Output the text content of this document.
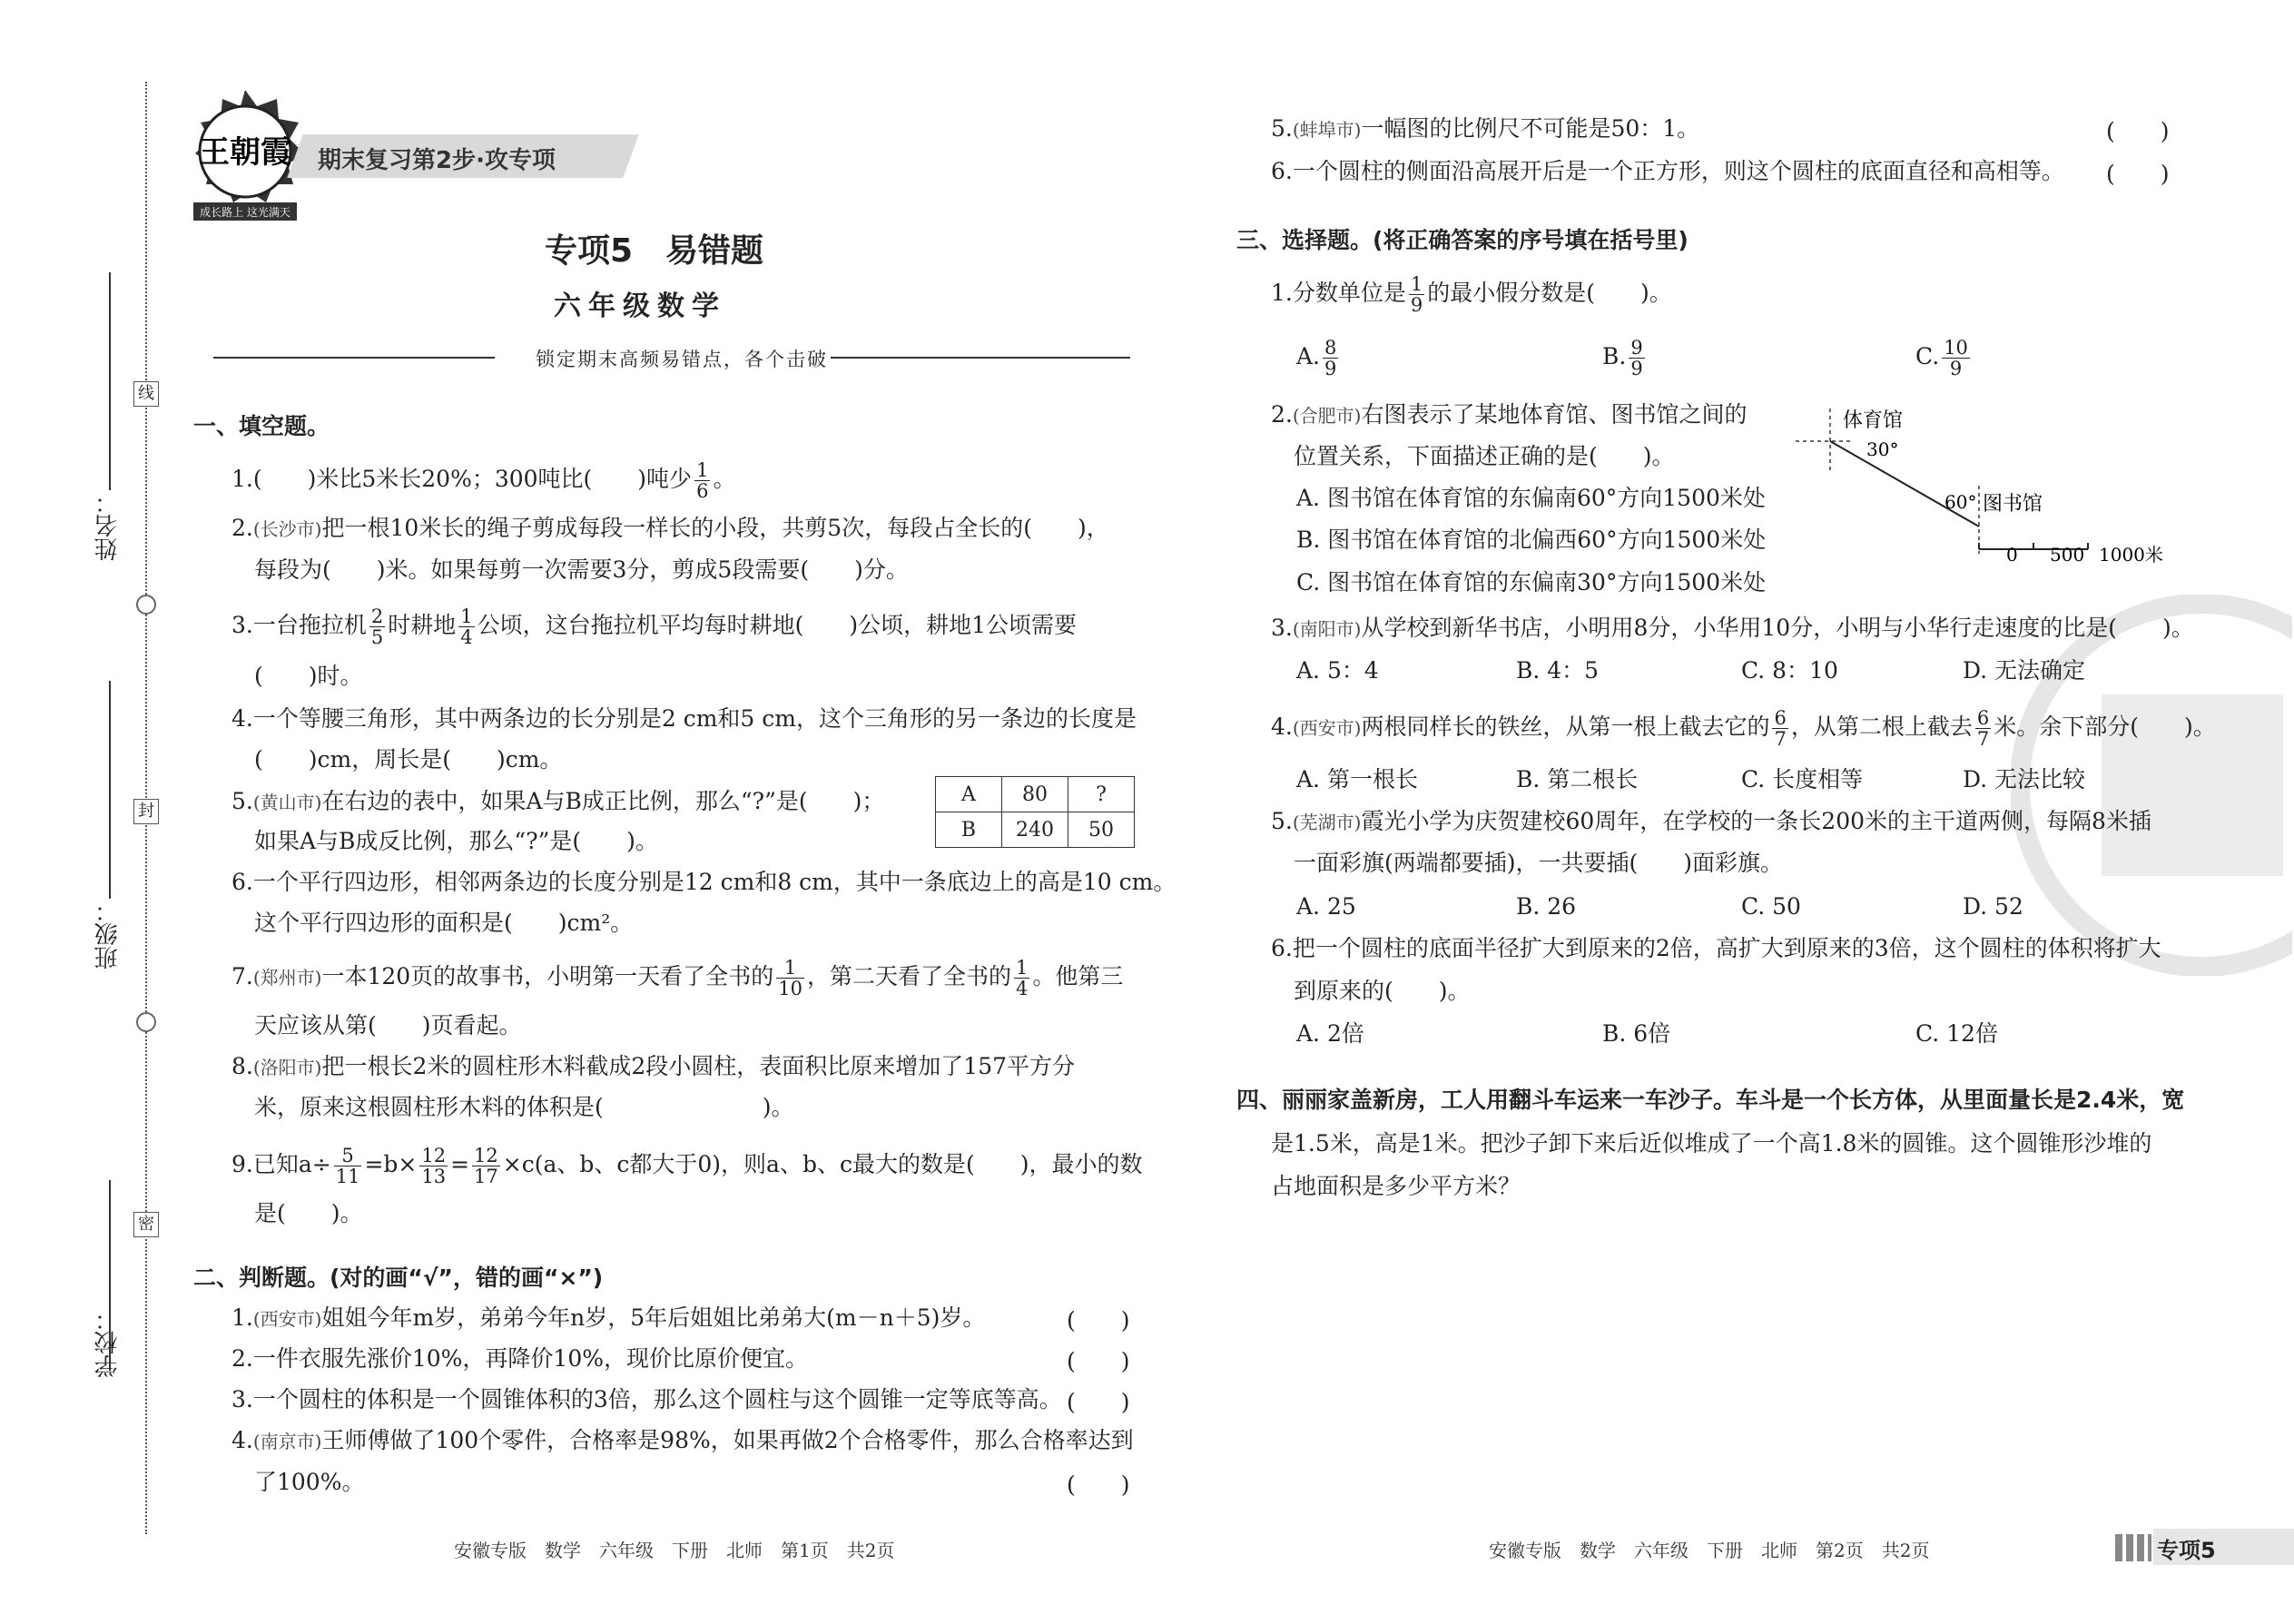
姓名：
班级：
学校：
线
封
密
王朝霞
成长路上 这光满天
期末复习第2步·攻专项
专项5　易错题
六年级数学
锁定期末高频易错点，各个击破
一、填空题。
1.(　　)米比5米长20%；300吨比(　　)吨少 $\frac{1}{6}$ 。
2.(长沙市)把一根10米长的绳子剪成每段一样长的小段，共剪5次，每段占全长的(　　)，
每段为(　　)米。如果每剪一次需要3分，剪成5段需要(　　)分。
3.一台拖拉机 $\frac{2}{5}$ 时耕地 $\frac{1}{4}$ 公顷，这台拖拉机平均每时耕地(　　)公顷，耕地1公顷需要
(　　)时。
4.一个等腰三角形，其中两条边的长分别是2 cm和5 cm，这个三角形的另一条边的长度是
(　　)cm，周长是(　　)cm。
5.(黄山市)在右边的表中，如果A与B成正比例，那么“?”是(　　)；
如果A与B成反比例，那么“?”是(　　)。
A	80	?
B	240	50
6.一个平行四边形，相邻两条边的长度分别是12 cm和8 cm，其中一条底边上的高是10 cm。
这个平行四边形的面积是(　　)cm²。
7.(郑州市)一本120页的故事书，小明第一天看了全书的 $\frac{1}{10}$ ，第二天看了全书的 $\frac{1}{4}$ 。他第三
天应该从第(　　)页看起。
8.(洛阳市)把一根长2米的圆柱形木料截成2段小圆柱，表面积比原来增加了157平方分
米，原来这根圆柱形木料的体积是(　　　　　　　)。
9.已知$a\div \frac{5}{11} =b\times \frac{12}{13} = \frac{12}{17} \times c(a$、b、c都大于0)，则a、b、c最大的数是(　　)，最小的数
是(　　)。
二、判断题。(对的画“√”，错的画“×”)
1.(西安市)姐姐今年m岁，弟弟今年n岁，5年后姐姐比弟弟大(m－n＋5)岁。	(　　)
2.一件衣服先涨价10%，再降价10%，现价比原价便宜。	(　　)
3.一个圆柱的体积是一个圆锥体积的3倍，那么这个圆柱与这个圆锥一定等底等高。 (　　)
4.(南京市)王师傅做了100个零件，合格率是98%，如果再做2个合格零件，那么合格率达到
了100%。	(　　)
5.(蚌埠市)一幅图的比例尺不可能是50：1。	(　　)
6.一个圆柱的侧面沿高展开后是一个正方形，则这个圆柱的底面直径和高相等。 (　　)
三、选择题。(将正确答案的序号填在括号里)
1.分数单位是 $\frac{1}{9}$ 的最小假分数是(　　)。
A. $\frac{8}{9}$	B. $\frac{9}{9}$	C. $\frac{10}{9}$
2.(合肥市)右图表示了某地体育馆、图书馆之间的
位置关系，下面描述正确的是(　　)。
A. 图书馆在体育馆的东偏南60°方向1500米处
B. 图书馆在体育馆的北偏西60°方向1500米处
C. 图书馆在体育馆的东偏南30°方向1500米处
体育馆
30°
60° 图书馆
0 500 1000米
3.(南阳市)从学校到新华书店，小明用8分，小华用10分，小明与小华行走速度的比是(　　)。
A. 5：4	B. 4：5	C. 8：10	D. 无法确定
4.(西安市)两根同样长的铁丝，从第一根上截去它的 $\frac{6}{7}$ ，从第二根上截去 $\frac{6}{7}$ 米。余下部分(　　)。
A. 第一根长	B. 第二根长	C. 长度相等	D. 无法比较
5.(芜湖市)霞光小学为庆贺建校60周年，在学校的一条长200米的主干道两侧，每隔8米插
一面彩旗(两端都要插)，一共要插(　　)面彩旗。
A. 25	B. 26	C. 50	D. 52
6.把一个圆柱的底面半径扩大到原来的2倍，高扩大到原来的3倍，这个圆柱的体积将扩大
到原来的(　　)。
A. 2倍	B. 6倍	C. 12倍
四、丽丽家盖新房，工人用翻斗车运来一车沙子。车斗是一个长方体，从里面量长是2.4米，宽
是1.5米，高是1米。把沙子卸下来后近似堆成了一个高1.8米的圆锥。这个圆锥形沙堆的
占地面积是多少平方米？
安徽专版　数学　六年级　下册　北师　第1页　共2页	安徽专版　数学　六年级　下册　北师　第2页　共2页	专项5
